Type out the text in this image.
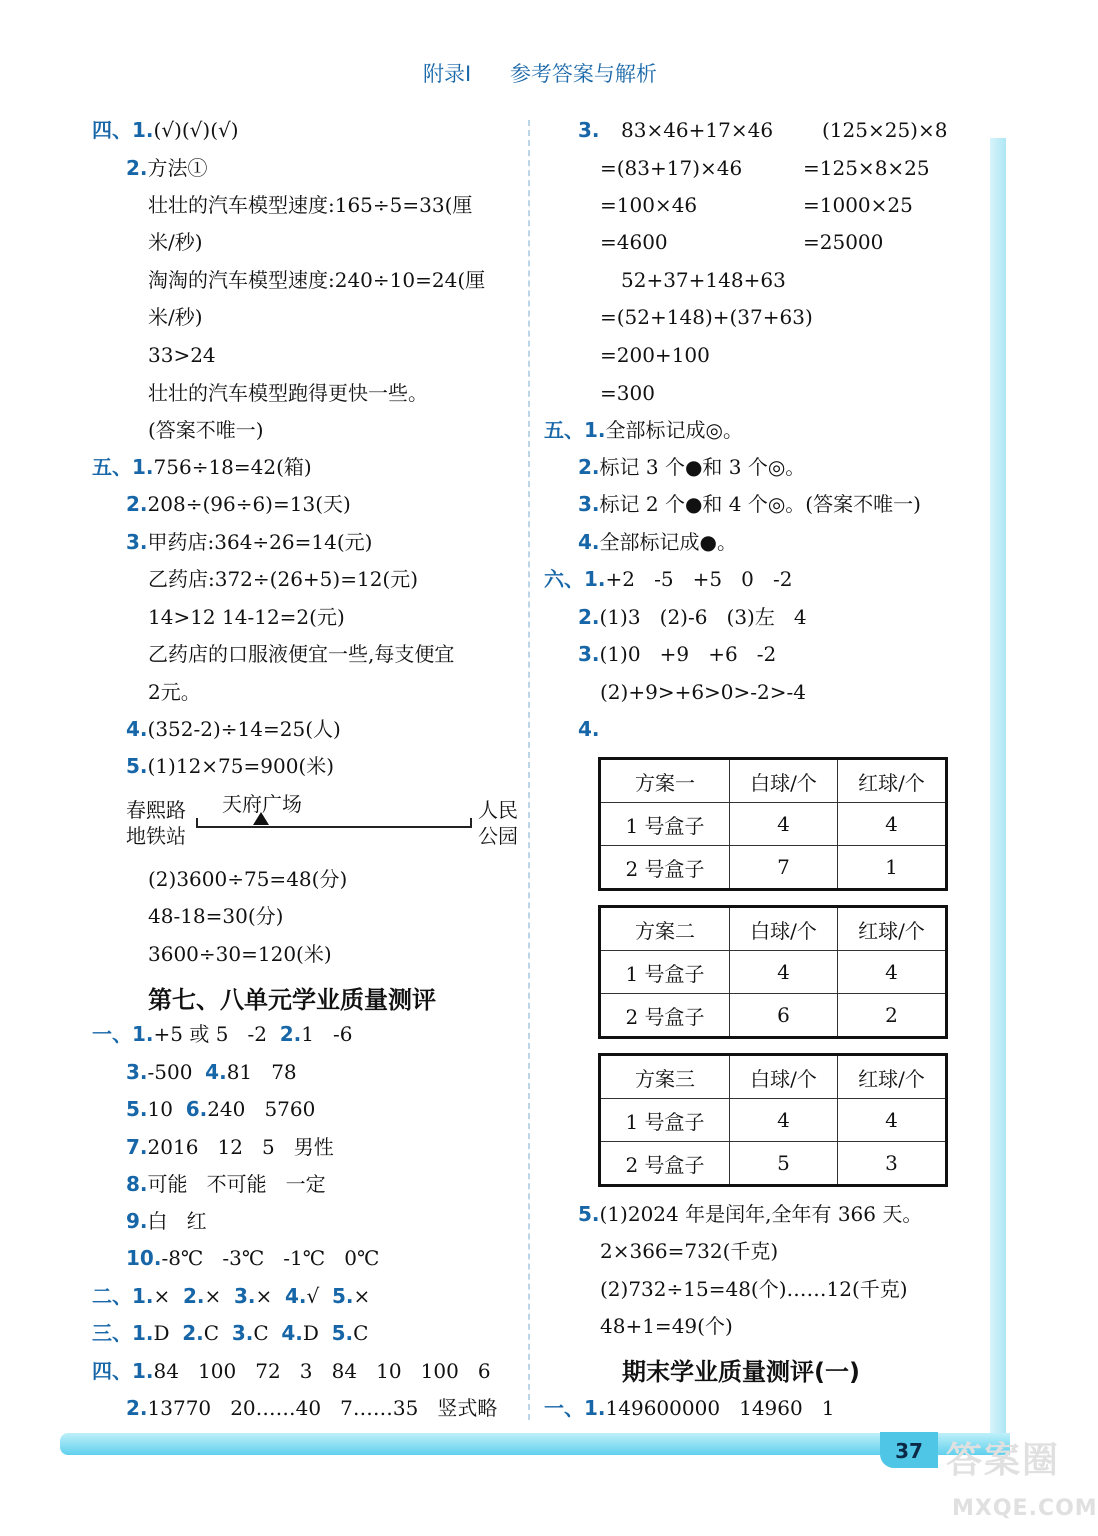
附录Ⅰ 参考答案与解析
四、1.(√)(√)(√)
2.方法①
壮壮的汽车模型速度:165÷5=33(厘
米/秒)
淘淘的汽车模型速度:240÷10=24(厘
米/秒)
33>24
壮壮的汽车模型跑得更快一些。
(答案不唯一)
五、1.756÷18=42(箱)
2.208÷(96÷6)=13(天)
3.甲药店:364÷26=14(元)
乙药店:372÷(26+5)=12(元)
14>12 14-12=2(元)
乙药店的口服液便宜一些,每支便宜
2元。
4.(352-2)÷14=25(人)
5.(1)12×75=900(米)
春熙路
地铁站
天府广场	人民
公园
(2)3600÷75=48(分)
48-18=30(分)
3600÷30=120(米)
第七、八单元学业质量测评
一、1.+5 或 5   -2  2.1   -6
3.-500  4.81   78
5.10  6.240   5760
7.2016   12   5   男性
8.可能   不可能   一定
9.白   红
10.-8℃   -3℃   -1℃   0℃
二、1.×  2.×  3.×  4.√  5.×
三、1.D  2.C  3.C  4.D  5.C
四、1.84   100   72   3   84   10   100   6
2.13770   20……40   7……35   竖式略
3. 83×46+17×46 (125×25)×8
=(83+17)×46	=125×8×25
=100×46	=1000×25
=4600	=25000
52+37+148+63
=(52+148)+(37+63)
=200+100
=300
五、1.全部标记成◎。
2.标记 3 个●和 3 个◎。
3.标记 2 个●和 4 个◎。(答案不唯一)
4.全部标记成●。
六、1.+2   -5   +5   0   -2
2.(1)3   (2)-6   (3)左   4
3.(1)0   +9   +6   -2
(2)+9>+6>0>-2>-4
4.
方案一	白球/个	红球/个
1 号盒子	4	4
2 号盒子	7	1
方案二	白球/个	红球/个
1 号盒子	4	4
2 号盒子	6	2
方案三	白球/个	红球/个
1 号盒子	4	4
2 号盒子	5	3
5.(1)2024 年是闰年,全年有 366 天。
2×366=732(千克)
(2)732÷15=48(个)……12(千克)
48+1=49(个)
期末学业质量测评(一)
一、1.149600000   14960   1
37 答案圈
MXQE.COM
